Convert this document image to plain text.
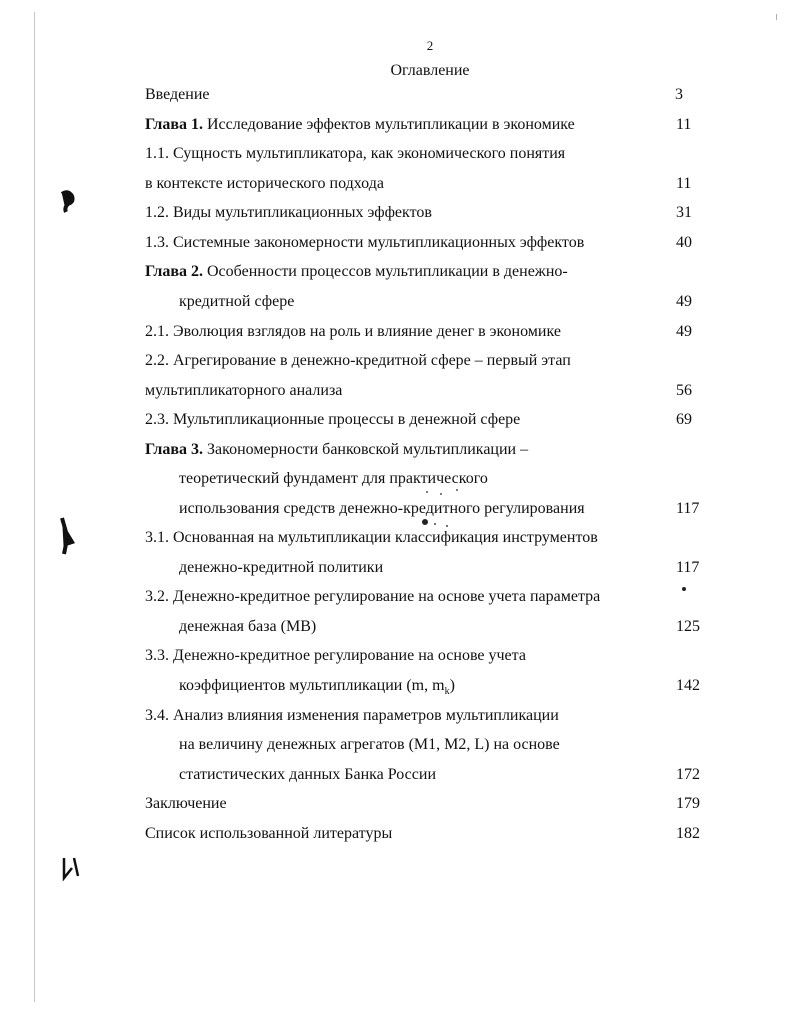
2
Оглавление
Введение	3
Глава 1. Исследование эффектов мультипликации в экономике	11
1.1. Сущность мультипликатора, как экономического понятия
в контексте исторического подхода	11
1.2. Виды мультипликационных эффектов	31
1.3. Системные закономерности мультипликационных эффектов	40
Глава 2. Особенности процессов мультипликации в денежно-
кредитной сфере	49
2.1. Эволюция взглядов на роль и влияние денег в экономике	49
2.2. Агрегирование в денежно-кредитной сфере – первый этап
мультипликаторного анализа	56
2.3. Мультипликационные процессы в денежной сфере	69
Глава 3. Закономерности банковской мультипликации –
теоретический фундамент для практического
использования средств денежно-кредитного регулирования	117
3.1. Основанная на мультипликации классификация инструментов
денежно-кредитной политики	117
3.2. Денежно-кредитное регулирование на основе учета параметра
денежная база (МВ)	125
3.3. Денежно-кредитное регулирование на основе учета
коэффициентов мультипликации (m, $m_k$)	142
3.4. Анализ влияния изменения параметров мультипликации
на величину денежных агрегатов (М1, М2, L) на основе
статистических данных Банка России	172
Заключение	179
Список использованной литературы	182
